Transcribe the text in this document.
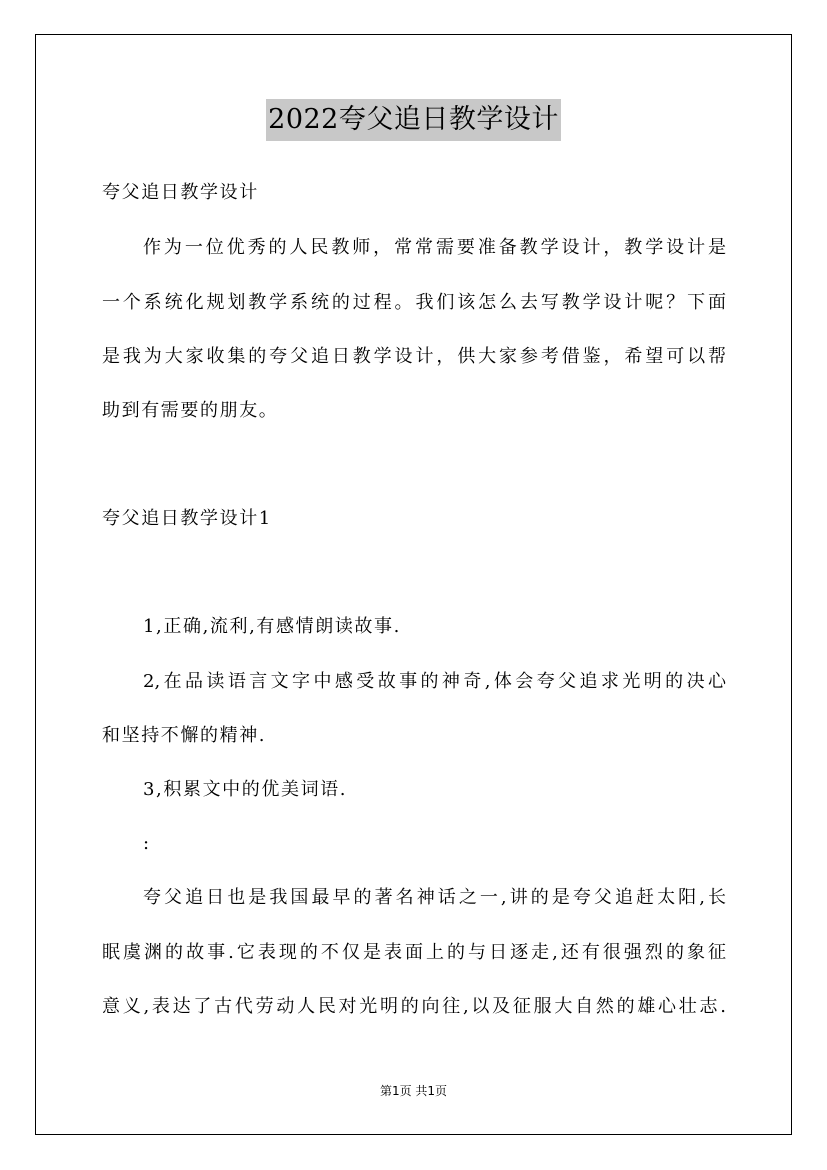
2022夸父追日教学设计
夸父追日教学设计
作为一位优秀的人民教师，常常需要准备教学设计，教学设计是
一个系统化规划教学系统的过程。我们该怎么去写教学设计呢？下面
是我为大家收集的夸父追日教学设计，供大家参考借鉴，希望可以帮
助到有需要的朋友。
夸父追日教学设计1
1,正确,流利,有感情朗读故事.
2,在品读语言文字中感受故事的神奇,体会夸父追求光明的决心
和坚持不懈的精神.
3,积累文中的优美词语.
:
夸父追日也是我国最早的著名神话之一,讲的是夸父追赶太阳,长
眠虞渊的故事.它表现的不仅是表面上的与日逐走,还有很强烈的象征
意义,表达了古代劳动人民对光明的向往,以及征服大自然的雄心壮志.
第1页 共1页
